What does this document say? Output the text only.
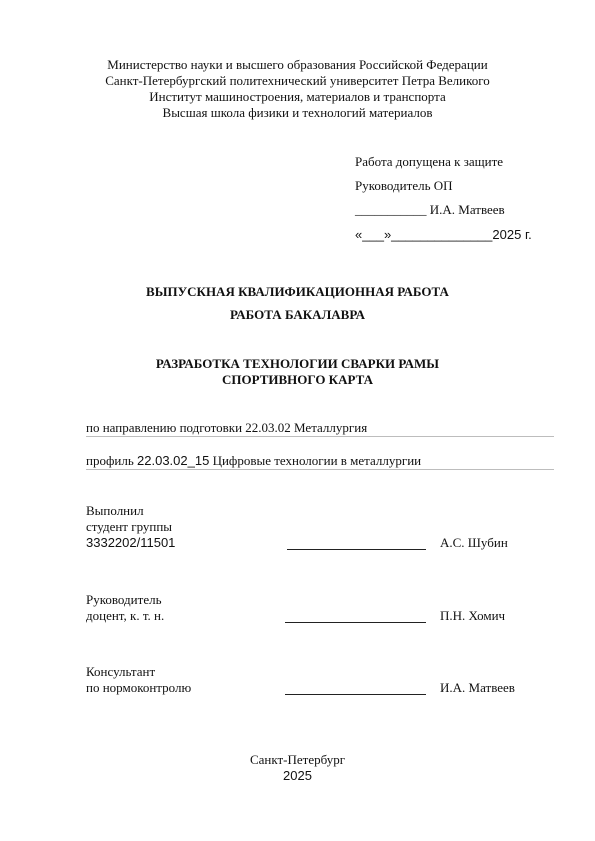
Министерство науки и высшего образования Российской Федерации
Санкт-Петербургский политехнический университет Петра Великого
Институт машиностроения, материалов и транспорта
Высшая школа физики и технологий материалов
Работа допущена к защите
Руководитель ОП
___________ И.А. Матвеев
«___»______________2025 г.
ВЫПУСКНАЯ КВАЛИФИКАЦИОННАЯ РАБОТА
РАБОТА БАКАЛАВРА
РАЗРАБОТКА ТЕХНОЛОГИИ СВАРКИ РАМЫ
СПОРТИВНОГО КАРТА
по направлению подготовки 22.03.02 Металлургия
профиль 22.03.02_15 Цифровые технологии в металлургии
Выполнил
студент группы
3332202/11501	А.С. Шубин
Руководитель
доцент, к. т. н.	П.Н. Хомич
Консультант
по нормоконтролю	И.А. Матвеев
Санкт-Петербург
2025
